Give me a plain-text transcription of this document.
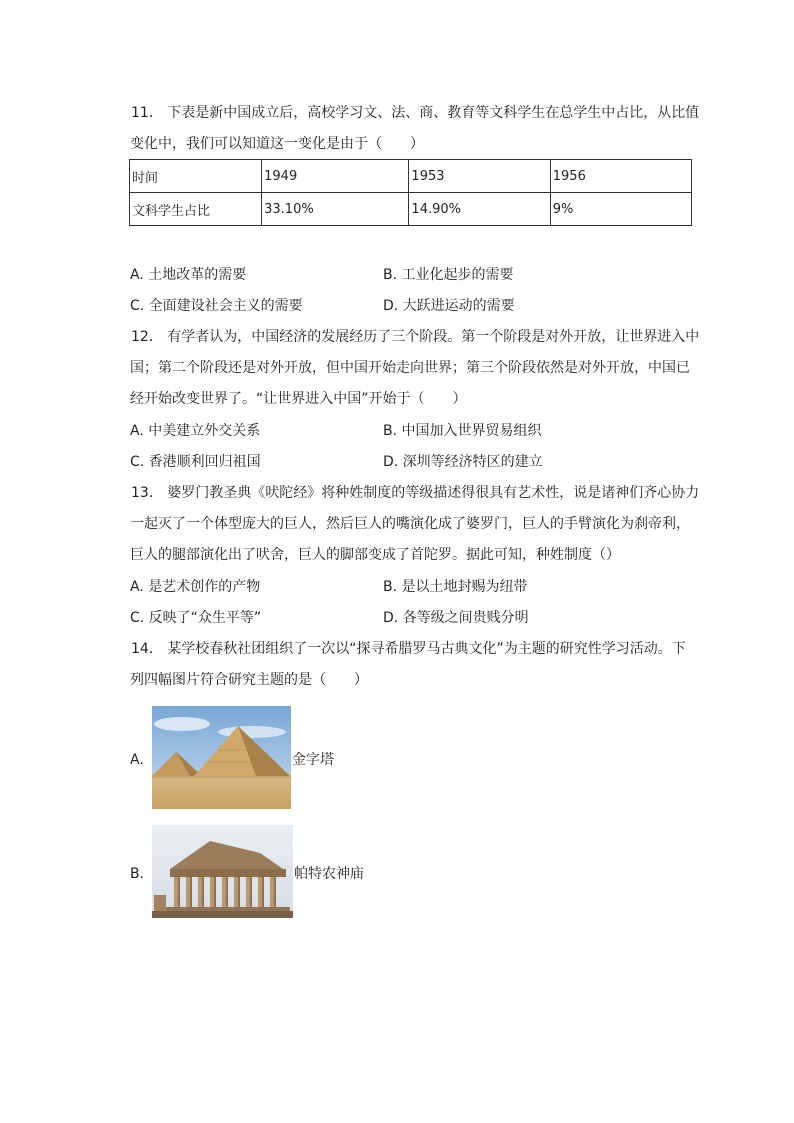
11． 下表是新中国成立后，高校学习文、法、商、教育等文科学生在总学生中占比，从比值
变化中，我们可以知道这一变化是由于（　　）
时间	1949	1953	1956
文科学生占比	33.10%	14.90%	9%
A. 土地改革的需要	B. 工业化起步的需要
C. 全面建设社会主义的需要	D. 大跃进运动的需要
12． 有学者认为，中国经济的发展经历了三个阶段。第一个阶段是对外开放，让世界进入中
国；第二个阶段还是对外开放，但中国开始走向世界；第三个阶段依然是对外开放，中国已
经开始改变世界了。“让世界进入中国”开始于（　　）
A. 中美建立外交关系	B. 中国加入世界贸易组织
C. 香港顺利回归祖国	D. 深圳等经济特区的建立
13． 婆罗门教圣典《吠陀经》将种姓制度的等级描述得很具有艺术性，说是诸神们齐心协力
一起灭了一个体型庞大的巨人，然后巨人的嘴演化成了婆罗门，巨人的手臂演化为刹帝利，
巨人的腿部演化出了吠舍，巨人的脚部变成了首陀罗。据此可知，种姓制度（）
A. 是艺术创作的产物	B. 是以土地封赐为纽带
C. 反映了“众生平等”	D. 各等级之间贵贱分明
14． 某学校春秋社团组织了一次以“探寻希腊罗马古典文化”为主题的研究性学习活动。下
列四幅图片符合研究主题的是（　　）
A.	金字塔
B.	帕特农神庙
